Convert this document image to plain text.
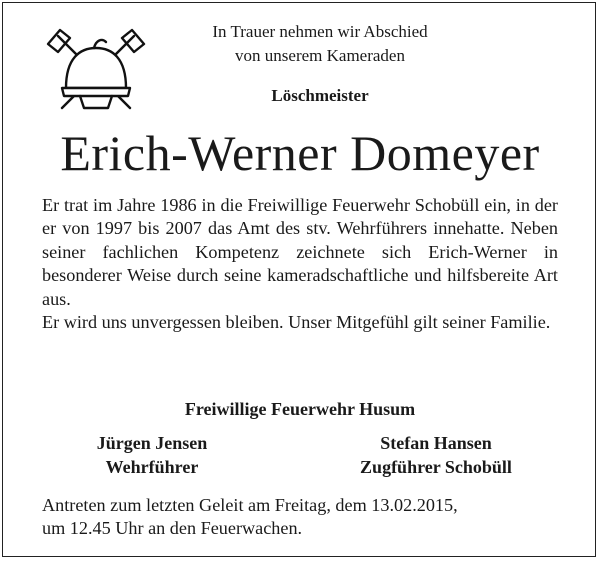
In Trauer nehmen wir Abschied
von unserem Kameraden
Löschmeister
Erich-Werner Domeyer

Er trat im Jahre 1986 in die Freiwillige Feuerwehr Schobüll ein, in der er von 1997 bis 2007 das Amt des stv. Wehrführers innehatte. Neben seiner fachlichen Kompetenz zeichnete sich Erich-Werner in besonderer Weise durch seine kameradschaftliche und hilfsbereite Art aus.

Er wird uns unvergessen bleiben. Unser Mitgefühl gilt seiner Familie.

Freiwillige Feuerwehr Husum
Jürgen Jensen
Wehrführer
Stefan Hansen
Zugführer Schobüll
Antreten zum letzten Geleit am Freitag, dem 13.02.2015,
um 12.45 Uhr an den Feuerwachen.
